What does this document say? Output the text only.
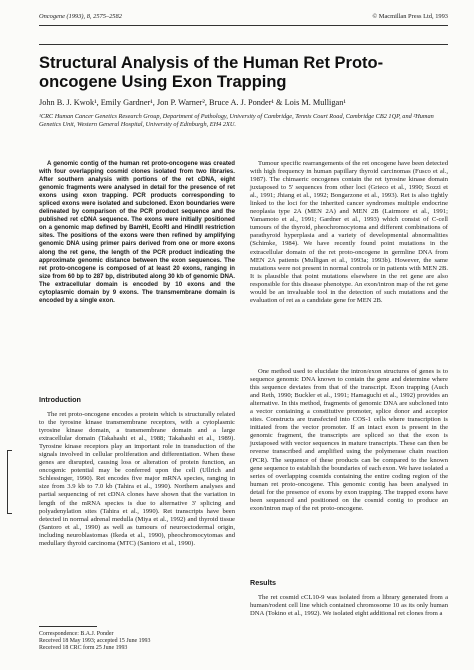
Oncogene (1993), 8, 2575–2582	© Macmillan Press Ltd, 1993
Structural Analysis of the Human Ret Proto-oncogene Using Exon Trapping
John B. J. Kwok¹, Emily Gardner¹, Jon P. Warner², Bruce A. J. Ponder¹ & Lois M. Mulligan¹
¹CRC Human Cancer Genetics Research Group, Department of Pathology, University of Cambridge, Tennis Court Road, Cambridge CB2 1QP, and ²Human Genetics Unit, Western General Hospital, University of Edinburgh, EH4 2XU.
A genomic contig of the human ret proto-oncogene was created with four overlapping cosmid clones isolated from two libraries. After southern analysis with portions of the ret cDNA, eight genomic fragments were analysed in detail for the presence of ret exons using exon trapping. PCR products corresponding to spliced exons were isolated and subcloned. Exon boundaries were delineated by comparison of the PCR product sequence and the published ret cDNA sequence. The exons were initially positioned on a genomic map defined by BamHI, EcoRI and HindIII restriction sites. The positions of the exons were then refined by amplifying genomic DNA using primer pairs derived from one or more exons along the ret gene, the length of the PCR product indicating the approximate genomic distance between the exon sequences. The ret proto-oncogene is composed of at least 20 exons, ranging in size from 60 bp to 287 bp, distributed along 30 kb of genomic DNA. The extracellular domain is encoded by 10 exons and the cytoplasmic domain by 9 exons. The transmembrane domain is encoded by a single exon.
Introduction
The ret proto-oncogene encodes a protein which is structurally related to the tyrosine kinase transmembrane receptors, with a cytoplasmic tyrosine kinase domain, a transmembrane domain and a large extracellular domain (Takahashi et al., 1988; Takahashi et al., 1989). Tyrosine kinase receptors play an important role in transduction of the signals involved in cellular proliferation and differentiation. When these genes are disrupted, causing loss or alteration of protein function, an oncogenic potential may be conferred upon the cell (Ullrich and Schlessinger, 1990). Ret encodes five major mRNA species, ranging in size from 3.9 kb to 7.0 kb (Tahira et al., 1990). Northern analyses and partial sequencing of ret cDNA clones have shown that the variation in length of the mRNA species is due to alternative 3' splicing and polyadenylation sites (Tahira et al., 1990). Ret transcripts have been detected in normal adrenal medulla (Miya et al., 1992) and thyroid tissue (Santoro et al., 1990) as well as tumours of neuroectodermal origin, including neuroblastomas (Ikeda et al., 1990), pheochromocytomas and medullary thyroid carcinoma (MTC) (Santoro et al., 1990).
Tumour specific rearrangements of the ret oncogene have been detected with high frequency in human papillary thyroid carcinomas (Fusco et al., 1987). The chimaeric oncogenes contain the ret tyrosine kinase domain juxtaposed to 5' sequences from other loci (Grieco et al., 1990; Sozzi et al., 1991; Jhiang et al., 1992; Bongarzone et al., 1993). Ret is also tightly linked to the loci for the inherited cancer syndromes multiple endocrine neoplasia type 2A (MEN 2A) and MEN 2B (Lairmore et al., 1991; Yamamoto et al., 1991; Gardner et al., 1993) which consist of C-cell tumours of the thyroid, pheochromocytoma and different combinations of parathyroid hyperplasia and a variety of developmental abnormalities (Schimke, 1984). We have recently found point mutations in the extracellular domain of the ret proto-oncogene in germline DNA from MEN 2A patients (Mulligan et al., 1993a; 1993b). However, the same mutations were not present in normal controls or in patients with MEN 2B. It is plausible that point mutations elsewhere in the ret gene are also responsible for this disease phenotype. An exon/intron map of the ret gene would be an invaluable tool in the detection of such mutations and the evaluation of ret as a candidate gene for MEN 2B.
One method used to elucidate the intron/exon structures of genes is to sequence genomic DNA known to contain the gene and determine where this sequence deviates from that of the transcript. Exon trapping (Auch and Reth, 1990; Buckler et al., 1991; Hamaguchi et al., 1992) provides an alternative. In this method, fragments of genomic DNA are subcloned into a vector containing a constitutive promoter, splice donor and acceptor sites. Constructs are transfected into COS-1 cells where transcription is initiated from the vector promoter. If an intact exon is present in the genomic fragment, the transcripts are spliced so that the exon is juxtaposed with vector sequences in mature transcripts. These can then be reverse transcribed and amplified using the polymerase chain reaction (PCR). The sequence of these products can be compared to the known gene sequence to establish the boundaries of each exon. We have isolated a series of overlapping cosmids containing the entire coding region of the human ret proto-oncogene. This genomic contig has been analysed in detail for the presence of exons by exon trapping. The trapped exons have been sequenced and positioned on the cosmid contig to produce an exon/intron map of the ret proto-oncogene.
Results
The ret cosmid cCL10-9 was isolated from a library generated from a human/rodent cell line which contained chromosome 10 as its only human DNA (Tokino et al., 1992). We isolated eight additional ret clones from a
Correspondence: B.A.J. Ponder
Received 18 May 1993; accepted 15 June 1993
Received 18 CRC form 25 June 1993
